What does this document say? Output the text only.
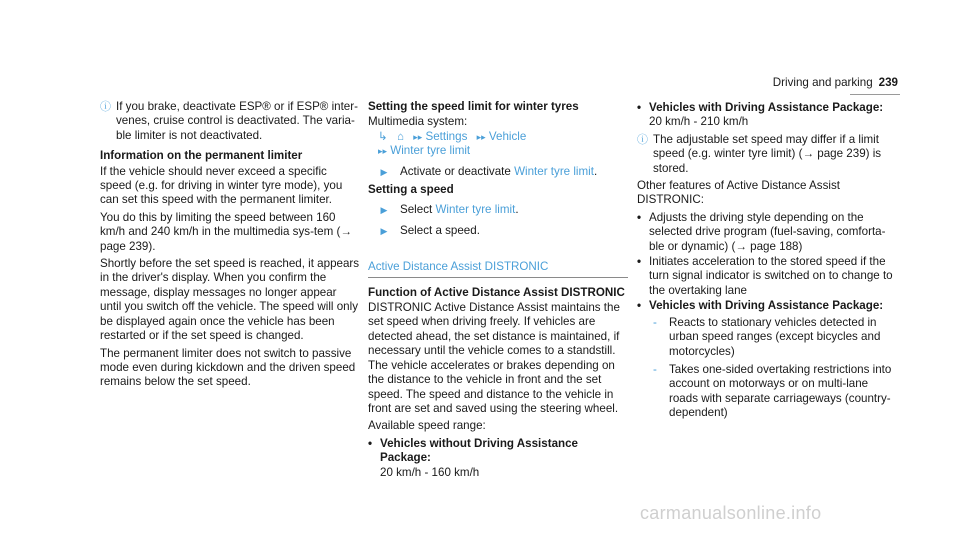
Driving and parking 239
ⓘ If you brake, deactivate ESP® or if ESP® inter-venes, cruise control is deactivated. The varia-ble limiter is not deactivated.

Information on the permanent limiter

If the vehicle should never exceed a specific speed (e.g. for driving in winter tyre mode), you can set this speed with the permanent limiter.

You do this by limiting the speed between 160 km/h and 240 km/h in the multimedia sys-tem (→ page 239).

Shortly before the set speed is reached, it appears in the driver's display. When you confirm the message, display messages no longer appear until you switch off the vehicle. The speed will only be displayed again once the vehicle has been restarted or if the set speed is changed.

The permanent limiter does not switch to passive mode even during kickdown and the driven speed remains below the set speed.

Setting the speed limit for winter tyres

Multimedia system:

↳ ⌂ ▸▸ Settings ▸▸ Vehicle
▸▸ Winter tyre limit
▶	Activate or deactivate Winter tyre limit.

Setting a speed

▶	Select Winter tyre limit.
▶	Select a speed.
Active Distance Assist DISTRONIC

Function of Active Distance Assist DISTRONIC

DISTRONIC Active Distance Assist maintains the set speed when driving freely. If vehicles are detected ahead, the set distance is maintained, if necessary until the vehicle comes to a standstill. The vehicle accelerates or brakes depending on the distance to the vehicle in front and the set speed. The speed and distance to the vehicle in front are set and saved using the steering wheel.

Available speed range:

• Vehicles without Driving Assistance Package:
20 km/h - 160 km/h
• Vehicles with Driving Assistance Package:
20 km/h - 210 km/h
ⓘ The adjustable set speed may differ if a limit speed (e.g. winter tyre limit) (→ page 239) is stored.

Other features of Active Distance Assist DISTRONIC:

• Adjusts the driving style depending on the selected drive program (fuel-saving, comforta-ble or dynamic) (→ page 188)
• Initiates acceleration to the stored speed if the turn signal indicator is switched on to change to the overtaking lane
• Vehicles with Driving Assistance Package:
-	Reacts to stationary vehicles detected in urban speed ranges (except bicycles and motorcycles)
-	Takes one-sided overtaking restrictions into account on motorways or on multi-lane roads with separate carriageways (country-dependent)
carmanualsonline.info
